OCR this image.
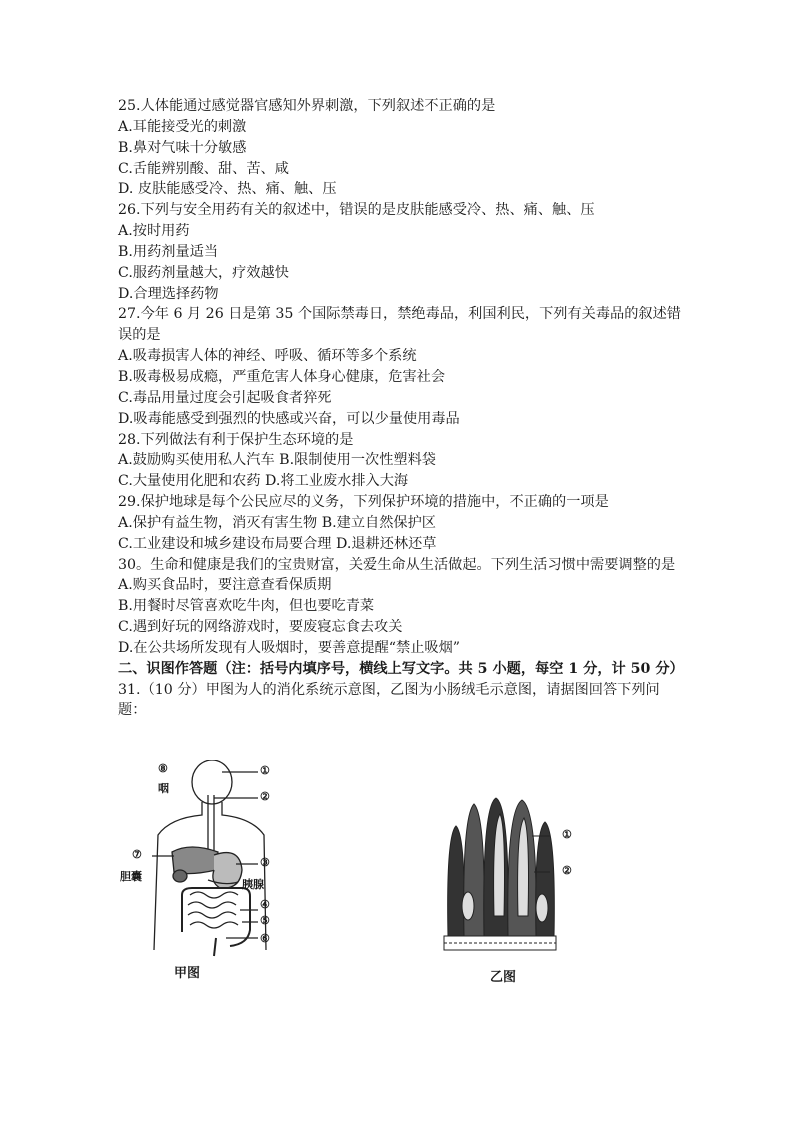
25.人体能通过感觉器官感知外界刺激，下列叙述不正确的是
A.耳能接受光的刺激
B.鼻对气味十分敏感
C.舌能辨别酸、甜、苦、咸
D. 皮肤能感受冷、热、痛、触、压
26.下列与安全用药有关的叙述中，错误的是皮肤能感受冷、热、痛、触、压
A.按时用药
B.用药剂量适当
C.服药剂量越大，疗效越快
D.合理选择药物
27.今年 6 月 26 日是第 35 个国际禁毒日，禁绝毒品，利国利民，下列有关毒品的叙述错误的是
A.吸毒损害人体的神经、呼吸、循环等多个系统
B.吸毒极易成瘾，严重危害人体身心健康，危害社会
C.毒品用量过度会引起吸食者猝死
D.吸毒能感受到强烈的快感或兴奋，可以少量使用毒品
28.下列做法有利于保护生态环境的是
A.鼓励购买使用私人汽车 B.限制使用一次性塑料袋
C.大量使用化肥和农药 D.将工业废水排入大海
29.保护地球是每个公民应尽的义务，下列保护环境的措施中，不正确的一项是
A.保护有益生物，消灭有害生物 B.建立自然保护区
C.工业建设和城乡建设布局要合理 D.退耕还林还草
30。生命和健康是我们的宝贵财富，关爱生命从生活做起。下列生活习惯中需要调整的是
A.购买食品时，要注意查看保质期
B.用餐时尽管喜欢吃牛肉，但也要吃青菜
C.遇到好玩的网络游戏时，要废寝忘食去攻关
D.在公共场所发现有人吸烟时，要善意提醒“禁止吸烟”
二、识图作答题（注：括号内填序号，横线上写文字。共 5 小题，每空 1 分，计 50 分）
31.（10 分）甲图为人的消化系统示意图，乙图为小肠绒毛示意图，请据图回答下列问题：
⑧
咽
①
②
⑦
③
胆囊
胰腺
④
⑤
⑥
甲图
①
②
乙图
